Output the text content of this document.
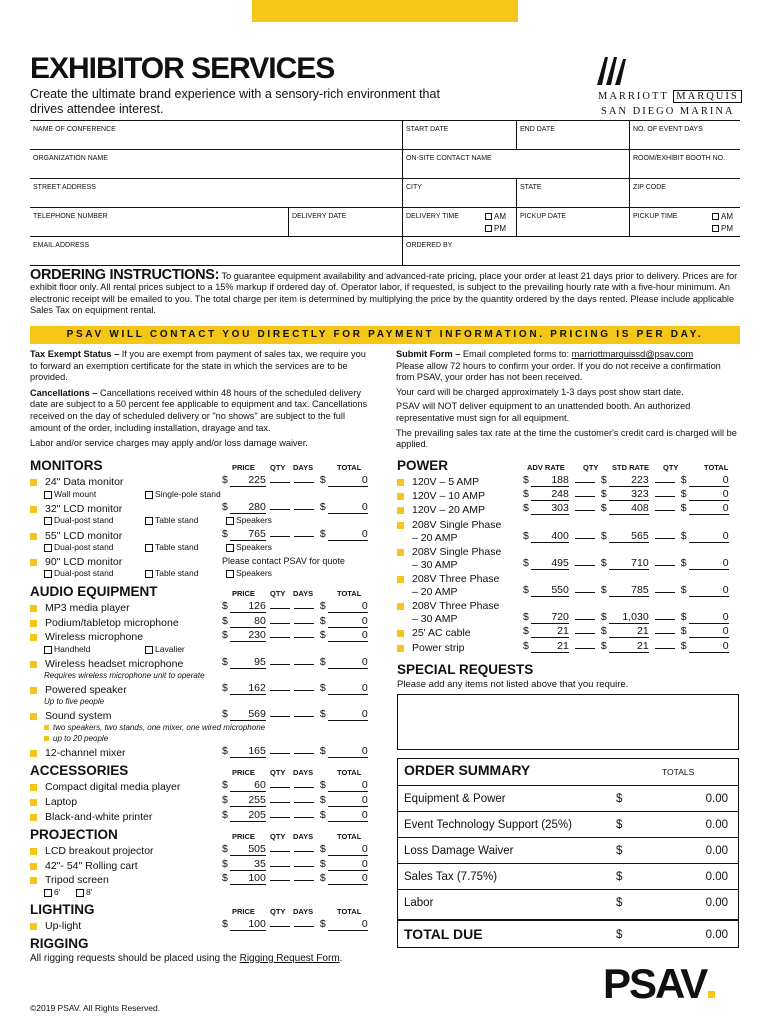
EXHIBITOR SERVICES
Create the ultimate brand experience with a sensory-rich environment that drives attendee interest.
MARRIOTT MARQUIS
SAN DIEGO MARINA
NAME OF CONFERENCE	START DATE	END DATE	NO. OF EVENT DAYS
ORGANIZATION NAME	ON-SITE CONTACT NAME	ROOM/EXHIBIT BOOTH NO.
STREET ADDRESS	CITY	STATE	ZIP CODE
TELEPHONE NUMBER	DELIVERY DATE	DELIVERY TIME	AM
PM
PICKUP DATE	PICKUP TIME	AM
PM
EMAIL ADDRESS	ORDERED BY
ORDERING INSTRUCTIONS: To guarantee equipment availability and advanced-rate pricing, place your order at least 21 days prior to delivery. Prices are for exhibit floor only. All rental prices subject to a 15% markup if ordered day of. Operator labor, if requested, is subject to the prevailing hourly rate with a five-hour minimum. An electronic receipt will be emailed to you. The total charge per item is determined by multiplying the price by the quantity ordered by the days rented. Please include applicable Sales Tax on equipment rental.
PSAV WILL CONTACT YOU DIRECTLY FOR PAYMENT INFORMATION. PRICING IS PER DAY.

Tax Exempt Status – If you are exempt from payment of sales tax, we require you to forward an exemption certificate for the state in which the services are to be provided.

Cancellations – Cancellations received within 48 hours of the scheduled delivery date are subject to a 50 percent fee applicable to equipment and tax. Cancellations received on the day of scheduled delivery or "no shows" are subject to the full amount of the order, including installation, drayage and tax.

Labor and/or service charges may apply and/or loss damage waiver.

Submit Form – Email completed forms to: marriottmarquissd@psav.com

Please allow 72 hours to confirm your order. If you do not receive a confirmation from PSAV, your order has not been received.

Your card will be charged approximately 1-3 days post show start date.

PSAV will NOT deliver equipment to an unattended booth. An authorized representative must sign for all equipment.

The prevailing sales tax rate at the time the customer's credit card is charged will be applied.

MONITORS	PRICE QTY DAYS	TOTAL
24" Data monitor	$ 225	$	0
Wall mount	Single-pole stand
32" LCD monitor	$ 280	$	0
Dual-post stand	Table stand	Speakers
55" LCD monitor	$ 765	$	0
Dual-post stand	Table stand	Speakers
90" LCD monitor	Please contact PSAV for quote
Dual-post stand	Table stand	Speakers
AUDIO EQUIPMENT	PRICE QTY DAYS	TOTAL
MP3 media player	$ 126	$	0
Podium/tabletop microphone	$	80	$	0
Wireless microphone	$ 230	$	0
Handheld	Lavalier
Wireless headset microphone	$	95	$	0
Requires wireless microphone unit to operate
Powered speaker	$ 162	$	0
Up to five people
Sound system	$ 569	$	0
two speakers, two stands, one mixer, one wired microphone
up to 20 people
12-channel mixer	$ 165	$	0
ACCESSORIES	PRICE QTY DAYS	TOTAL
Compact digital media player	$	60	$	0
Laptop	$ 255	$	0
Black-and-white printer	$ 205	$	0
PROJECTION	PRICE QTY DAYS	TOTAL
LCD breakout projector	$ 505	$	0
42"- 54" Rolling cart	$	35	$	0
Tripod screen	$ 100	$	0
6'	8'
LIGHTING	PRICE QTY DAYS	TOTAL
Up-light	$ 100	$	0
RIGGING
All rigging requests should be placed using the Rigging Request Form.
POWER	ADV RATE QTY STD RATE QTY	TOTAL
120V – 5 AMP	$ 188	$ 223	$	0
120V – 10 AMP	$ 248	$ 323	$	0
120V – 20 AMP	$ 303	$ 408	$	0
208V Single Phase
– 20 AMP	$ 400	$ 565	$	0
208V Single Phase
– 30 AMP	$ 495	$ 710	$	0
208V Three Phase
– 20 AMP	$ 550	$ 785	$	0
208V Three Phase
– 30 AMP	$ 720	$ 1,030	$	0
25' AC cable	$	21	$	21	$	0
Power strip	$	21	$	21	$	0
SPECIAL REQUESTS
Please add any items not listed above that you require.
ORDER SUMMARY	TOTALS
Equipment & Power	$	0.00
Event Technology Support (25%)	$	0.00
Loss Damage Waiver	$	0.00
Sales Tax (7.75%)	$	0.00
Labor	$	0.00
TOTAL DUE	$	0.00
PSAV
©2019 PSAV. All Rights Reserved.
